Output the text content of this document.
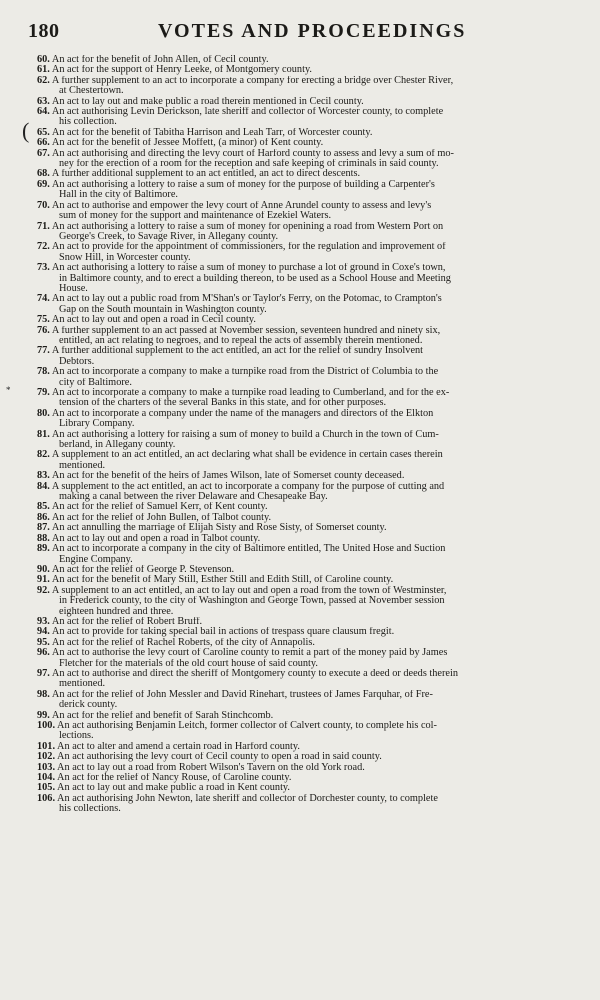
180	VOTES AND PROCEEDINGS
(
*
60. An act for the benefit of John Allen, of Cecil county.
61. An act for the support of Henry Leeke, of Montgomery county.
62. A further supplement to an act to incorporate a company for erecting a bridge over Chester River,
at Chestertown.
63. An act to lay out and make public a road therein mentioned in Cecil county.
64. An act authorising Levin Derickson, late sheriff and collector of Worcester county, to complete
his collection.
65. An act for the benefit of Tabitha Harrison and Leah Tarr, of Worcester county.
66. An act for the benefit of Jessee Moffett, (a minor) of Kent county.
67. An act authorising and directing the levy court of Harford county to assess and levy a sum of mo-
ney for the erection of a room for the reception and safe keeping of criminals in said county.
68. A further additional supplement to an act entitled, an act to direct descents.
69. An act authorising a lottery to raise a sum of money for the purpose of building a Carpenter's
Hall in the city of Baltimore.
70. An act to authorise and empower the levy court of Anne Arundel county to assess and levy's
sum of money for the support and maintenance of Ezekiel Waters.
71. An act authorising a lottery to raise a sum of money for openining a road from Western Port on
George's Creek, to Savage River, in Allegany county.
72. An act to provide for the appointment of commissioners, for the regulation and improvement of
Snow Hill, in Worcester county.
73. An act authorising a lottery to raise a sum of money to purchase a lot of ground in Coxe's town,
in Baltimore county, and to erect a building thereon, to be used as a School House and Meeting
House.
74. An act to lay out a public road from M'Shan's or Taylor's Ferry, on the Potomac, to Crampton's
Gap on the South mountain in Washington county.
75. An act to lay out and open a road in Cecil county.
76. A further supplement to an act passed at November session, seventeen hundred and ninety six,
entitled, an act relating to negroes, and to repeal the acts of assembly therein mentioned.
77. A further additional supplement to the act entitled, an act for the relief of sundry Insolvent
Debtors.
78. An act to incorporate a company to make a turnpike road from the District of Columbia to the
city of Baltimore.
79. An act to incorporate a company to make a turnpike road leading to Cumberland, and for the ex-
tension of the charters of the several Banks in this state, and for other purposes.
80. An act to incorporate a company under the name of the managers and directors of the Elkton
Library Company.
81. An act authorising a lottery for raising a sum of money to build a Church in the town of Cum-
berland, in Allegany county.
82. A supplement to an act entitled, an act declaring what shall be evidence in certain cases therein
mentioned.
83. An act for the benefit of the heirs of James Wilson, late of Somerset county deceased.
84. A supplement to the act entitled, an act to incorporate a company for the purpose of cutting and
making a canal between the river Delaware and Chesapeake Bay.
85. An act for the relief of Samuel Kerr, of Kent county.
86. An act for the relief of John Bullen, of Talbot county.
87. An act annulling the marriage of Elijah Sisty and Rose Sisty, of Somerset county.
88. An act to lay out and open a road in Talbot county.
89. An act to incorporate a company in the city of Baltimore entitled, The United Hose and Suction
Engine Company.
90. An act for the relief of George P. Stevenson.
91. An act for the benefit of Mary Still, Esther Still and Edith Still, of Caroline county.
92. A supplement to an act entitled, an act to lay out and open a road from the town of Westminster,
in Frederick county, to the city of Washington and George Town, passed at November session
eighteen hundred and three.
93. An act for the relief of Robert Bruff.
94. An act to provide for taking special bail in actions of trespass quare clausum fregit.
95. An act for the relief of Rachel Roberts, of the city of Annapolis.
96. An act to authorise the levy court of Caroline county to remit a part of the money paid by James
Fletcher for the materials of the old court house of said county.
97. An act to authorise and direct the sheriff of Montgomery county to execute a deed or deeds therein
mentioned.
98. An act for the relief of John Messler and David Rinehart, trustees of James Farquhar, of Fre-
derick county.
99. An act for the relief and benefit of Sarah Stinchcomb.
100. An act authorising Benjamin Leitch, former collector of Calvert county, to complete his col-
lections.
101. An act to alter and amend a certain road in Harford county.
102. An act authorising the levy court of Cecil county to open a road in said county.
103. An act to lay out a road from Robert Wilson's Tavern on the old York road.
104. An act for the relief of Nancy Rouse, of Caroline county.
105. An act to lay out and make public a road in Kent county.
106. An act authorising John Newton, late sheriff and collector of Dorchester county, to complete
his collections.
